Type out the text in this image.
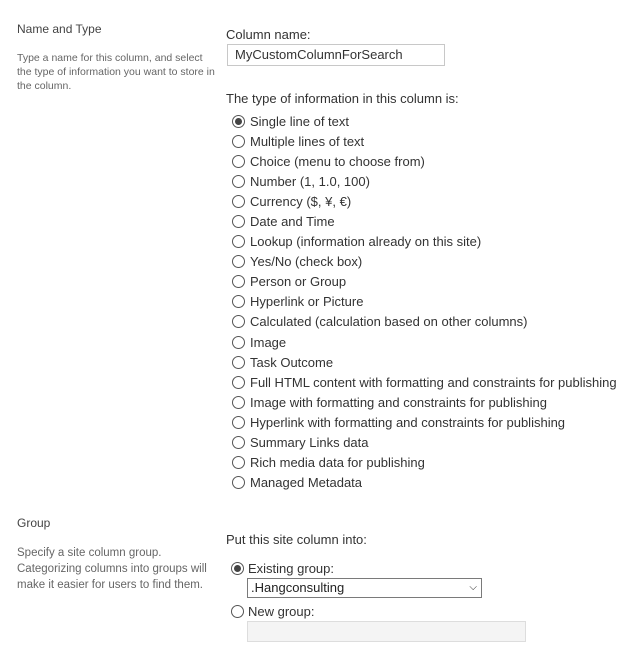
Name and Type
Type a name for this column, and select the type of information you want to store in the column.
Column name:
MyCustomColumnForSearch
The type of information in this column is:
Single line of text
Multiple lines of text
Choice (menu to choose from)
Number (1, 1.0, 100)
Currency ($, ¥, €)
Date and Time
Lookup (information already on this site)
Yes/No (check box)
Person or Group
Hyperlink or Picture
Calculated (calculation based on other columns)
Image
Task Outcome
Full HTML content with formatting and constraints for publishing
Image with formatting and constraints for publishing
Hyperlink with formatting and constraints for publishing
Summary Links data
Rich media data for publishing
Managed Metadata
Group
Specify a site column group. Categorizing columns into groups will make it easier for users to find them.
Put this site column into:
Existing group:
.Hangconsulting	⌵
New group:
